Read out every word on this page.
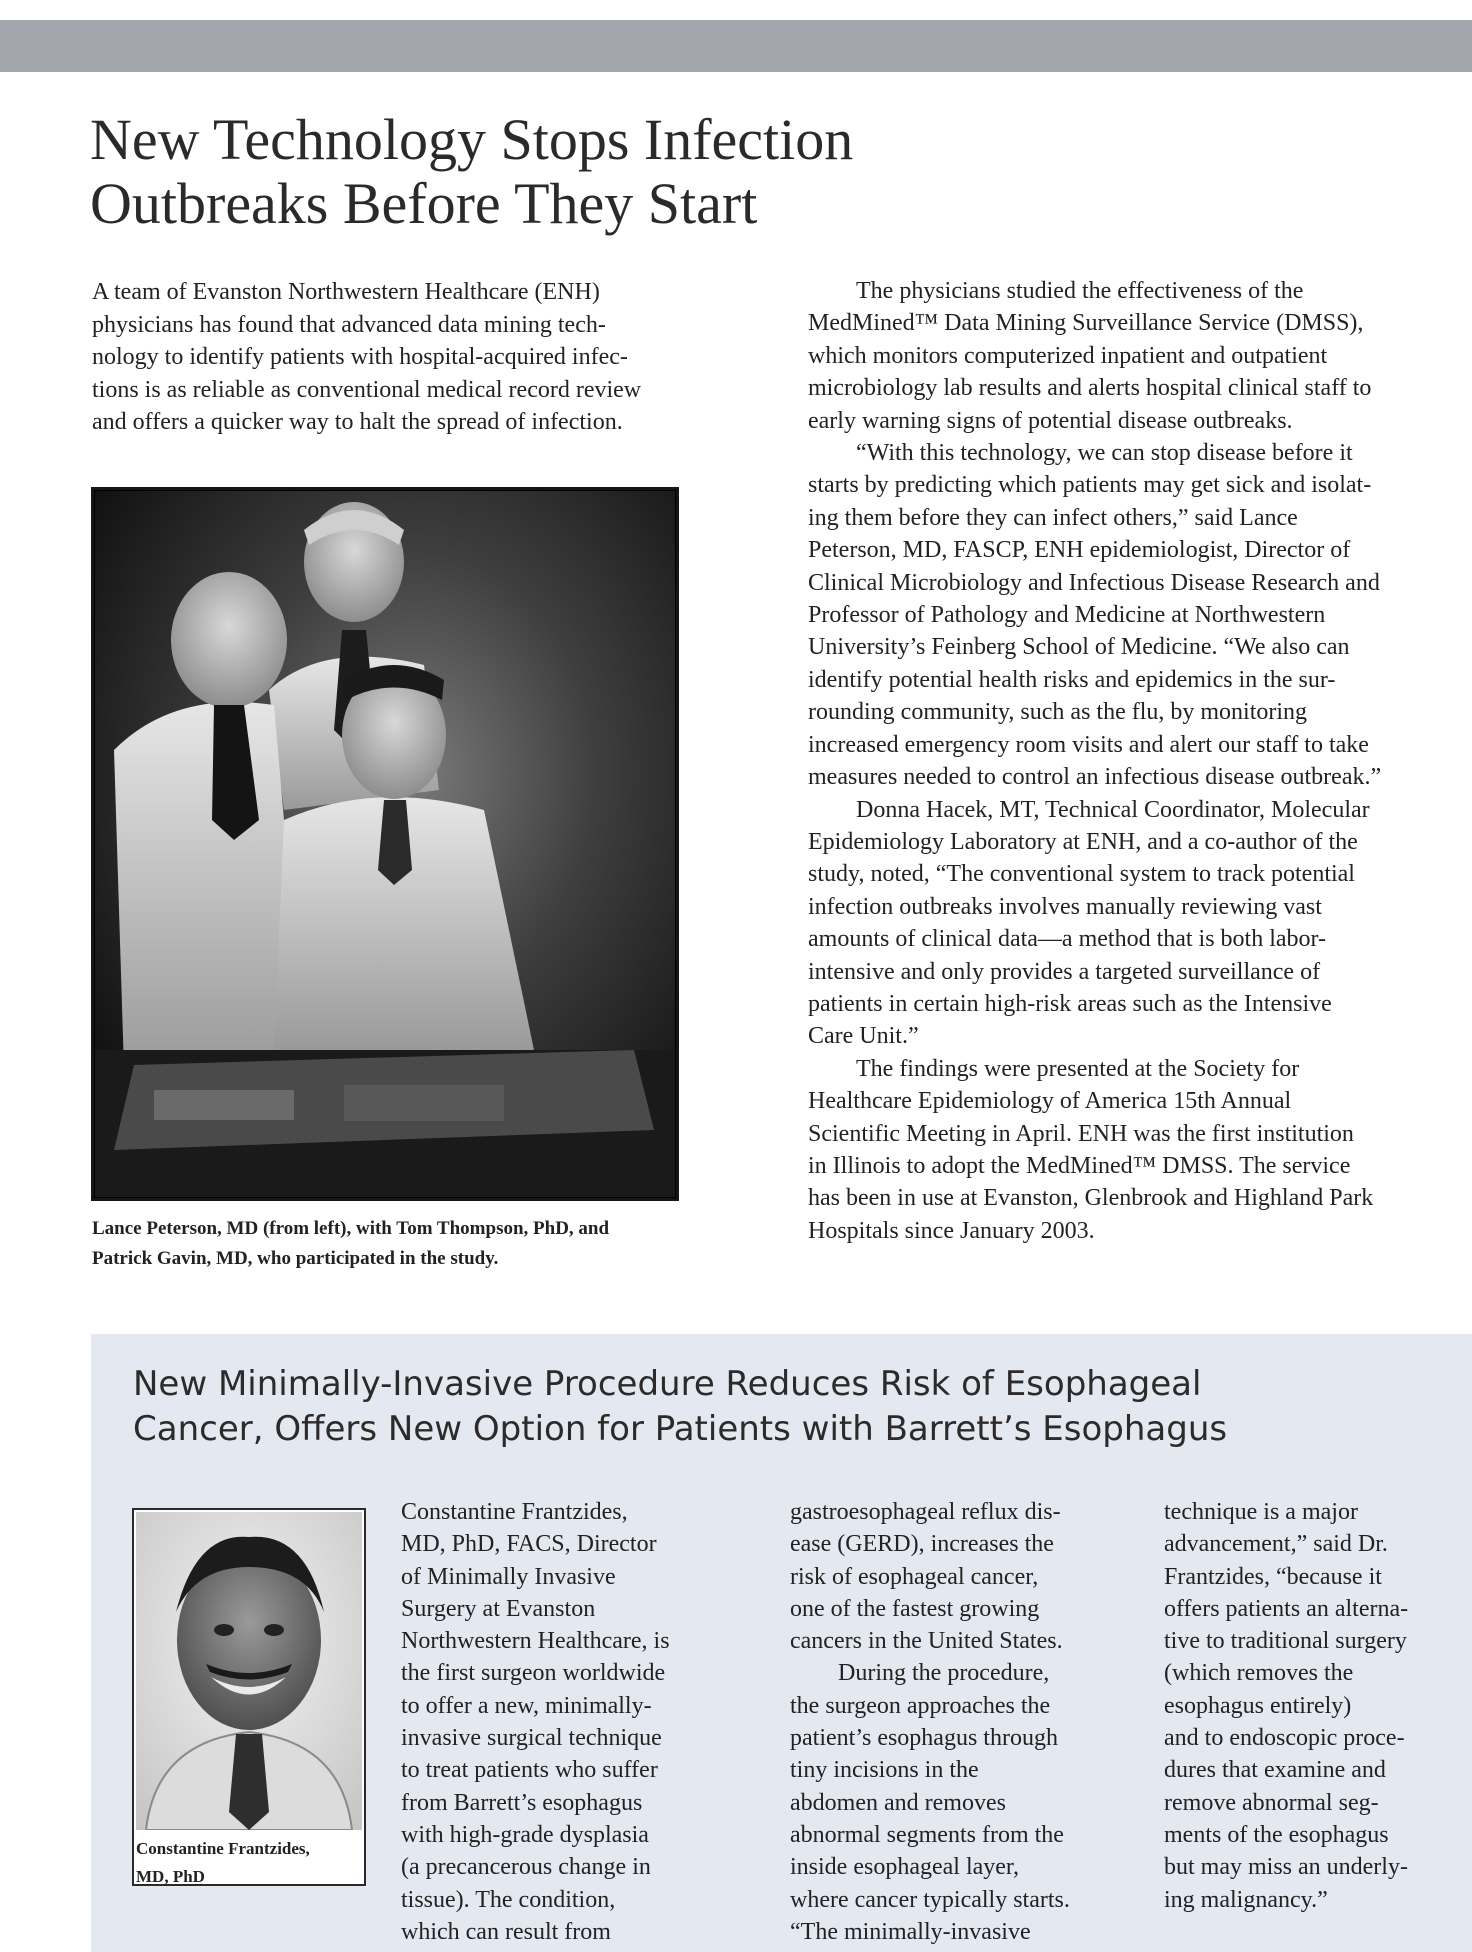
New Technology Stops Infection
Outbreaks Before They Start
A team of Evanston Northwestern Healthcare (ENH)
physicians has found that advanced data mining tech-
nology to identify patients with hospital-acquired infec-
tions is as reliable as conventional medical record review
and offers a quicker way to halt the spread of infection.
Lance Peterson, MD (from left), with Tom Thompson, PhD, and
Patrick Gavin, MD, who participated in the study.
The physicians studied the effectiveness of the
MedMined™ Data Mining Surveillance Service (DMSS),
which monitors computerized inpatient and outpatient
microbiology lab results and alerts hospital clinical staff to
early warning signs of potential disease outbreaks.
“With this technology, we can stop disease before it
starts by predicting which patients may get sick and isolat-
ing them before they can infect others,” said Lance
Peterson, MD, FASCP, ENH epidemiologist, Director of
Clinical Microbiology and Infectious Disease Research and
Professor of Pathology and Medicine at Northwestern
University’s Feinberg School of Medicine. “We also can
identify potential health risks and epidemics in the sur-
rounding community, such as the flu, by monitoring
increased emergency room visits and alert our staff to take
measures needed to control an infectious disease outbreak.”
Donna Hacek, MT, Technical Coordinator, Molecular
Epidemiology Laboratory at ENH, and a co-author of the
study, noted, “The conventional system to track potential
infection outbreaks involves manually reviewing vast
amounts of clinical data—a method that is both labor-
intensive and only provides a targeted surveillance of
patients in certain high-risk areas such as the Intensive
Care Unit.”
The findings were presented at the Society for
Healthcare Epidemiology of America 15th Annual
Scientific Meeting in April. ENH was the first institution
in Illinois to adopt the MedMined™ DMSS. The service
has been in use at Evanston, Glenbrook and Highland Park
Hospitals since January 2003.
New Minimally-Invasive Procedure Reduces Risk of Esophageal
Cancer, Offers New Option for Patients with Barrett’s Esophagus
Constantine Frantzides,
MD, PhD
Constantine Frantzides,
MD, PhD, FACS, Director
of Minimally Invasive
Surgery at Evanston
Northwestern Healthcare, is
the first surgeon worldwide
to offer a new, minimally-
invasive surgical technique
to treat patients who suffer
from Barrett’s esophagus
with high-grade dysplasia
(a precancerous change in
tissue). The condition,
which can result from
gastroesophageal reflux dis-
ease (GERD), increases the
risk of esophageal cancer,
one of the fastest growing
cancers in the United States.
During the procedure,
the surgeon approaches the
patient’s esophagus through
tiny incisions in the
abdomen and removes
abnormal segments from the
inside esophageal layer,
where cancer typically starts.
“The minimally-invasive
technique is a major
advancement,” said Dr.
Frantzides, “because it
offers patients an alterna-
tive to traditional surgery
(which removes the
esophagus entirely)
and to endoscopic proce-
dures that examine and
remove abnormal seg-
ments of the esophagus
but may miss an underly-
ing malignancy.”
